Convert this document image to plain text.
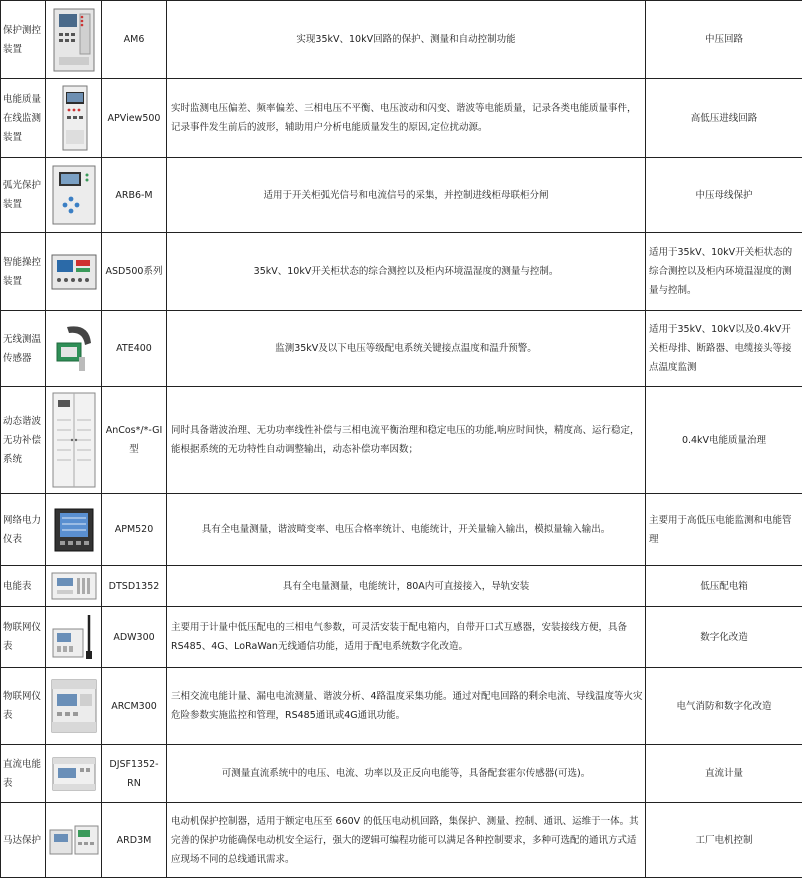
保护测控装置		AM6	实现35kV、10kV回路的保护、测量和自动控制功能	中压回路
电能质量在线监测装置		APView500	实时监测电压偏差、频率偏差、三相电压不平衡、电压波动和闪变、谐波等电能质量，记录各类电能质量事件，记录事件发生前后的波形，辅助用户分析电能质量发生的原因,定位扰动源。	高低压进线回路
弧光保护装置		ARB6-M	适用于开关柜弧光信号和电流信号的采集，并控制进线柜母联柜分闸	中压母线保护
智能操控装置		ASD500系列	35kV、10kV开关柜状态的综合测控以及柜内环境温湿度的测量与控制。	适用于35kV、10kV开关柜状态的综合测控以及柜内环境温湿度的测量与控制。
无线测温传感器		ATE400	监测35kV及以下电压等级配电系统关键接点温度和温升预警。	适用于35kV、10kV以及0.4kV开关柜母排、断路器、电缆接头等接点温度监测
动态谐波无功补偿系统		AnCos*/*-GI型	同时具备谐波治理、无功功率线性补偿与三相电流平衡治理和稳定电压的功能,响应时间快，精度高、运行稳定，能根据系统的无功特性自动调整输出，动态补偿功率因数；	0.4kV电能质量治理
网络电力仪表		APM520	具有全电量测量，谐波畸变率、电压合格率统计、电能统计，开关量输入输出，模拟量输入输出。	主要用于高低压电能监测和电能管理
电能表		DTSD1352	具有全电量测量，电能统计，80A内可直接接入，导轨安装	低压配电箱
物联网仪表		ADW300	主要用于计量中低压配电的三相电气参数，可灵活安装于配电箱内，自带开口式互感器，安装接线方便，具备RS485、4G、LoRaWan无线通信功能，适用于配电系统数字化改造。	数字化改造
物联网仪表		ARCM300	三相交流电能计量、漏电电流测量、谐波分析、4路温度采集功能。通过对配电回路的剩余电流、导线温度等火灾危险参数实施监控和管理，RS485通讯或4G通讯功能。	电气消防和数字化改造
直流电能表		DJSF1352-RN	可测量直流系统中的电压、电流、功率以及正反向电能等，具备配套霍尔传感器(可选)。	直流计量
马达保护		ARD3M	电动机保护控制器，适用于额定电压至 660V 的低压电动机回路，集保护、测量、控制、通讯、运维于一体。其完善的保护功能确保电动机安全运行，强大的逻辑可编程功能可以满足各种控制要求，多种可选配的通讯方式适应现场不同的总线通讯需求。	工厂电机控制
